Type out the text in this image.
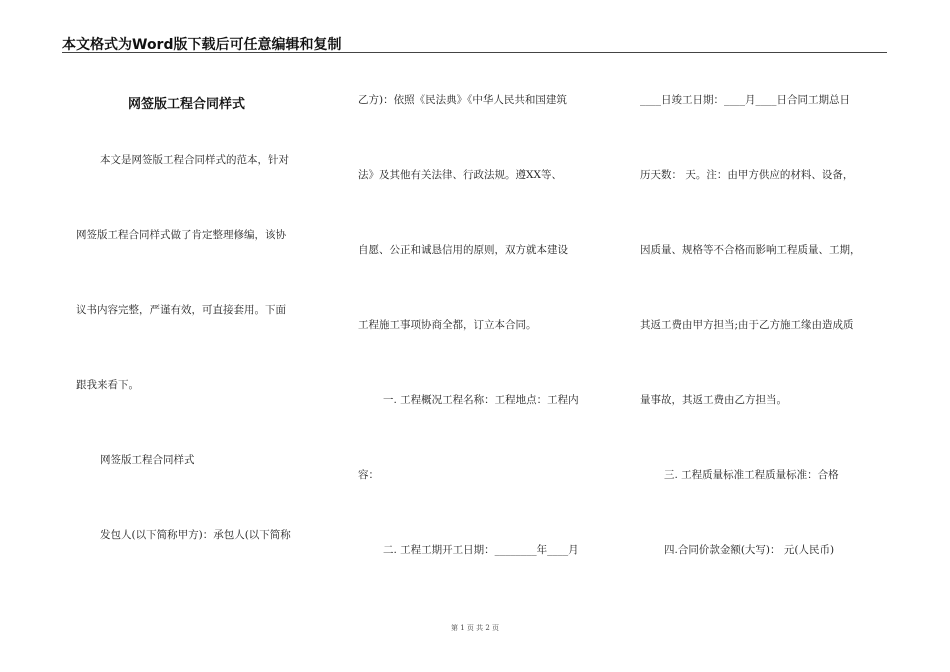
本文格式为Word版下载后可任意编辑和复制
网签版工程合同样式
本文是网签版工程合同样式的范本，针对
网签版工程合同样式做了肯定整理修编，该协
议书内容完整，严谨有效，可直接套用。下面
跟我来看下。
网签版工程合同样式
发包人(以下简称甲方)：承包人(以下简称
乙方)：依照《民法典》《中华人民共和国建筑
法》及其他有关法律、行政法规。遵XX等、
自愿、公正和诚恳信用的原则，双方就本建设
工程施工事项协商全都，订立本合同。
一. 工程概况工程名称：工程地点：工程内
容：
二. 工程工期开工日期：________年____月
____日竣工日期：____月____日合同工期总日
历天数： 天。注：由甲方供应的材料、设备，
因质量、规格等不合格而影响工程质量、工期，
其返工费由甲方担当;由于乙方施工缘由造成质
量事故，其返工费由乙方担当。
三. 工程质量标准工程质量标准：合格
四.合同价款金额(大写)： 元(人民币)
第 1 页 共 2 页
